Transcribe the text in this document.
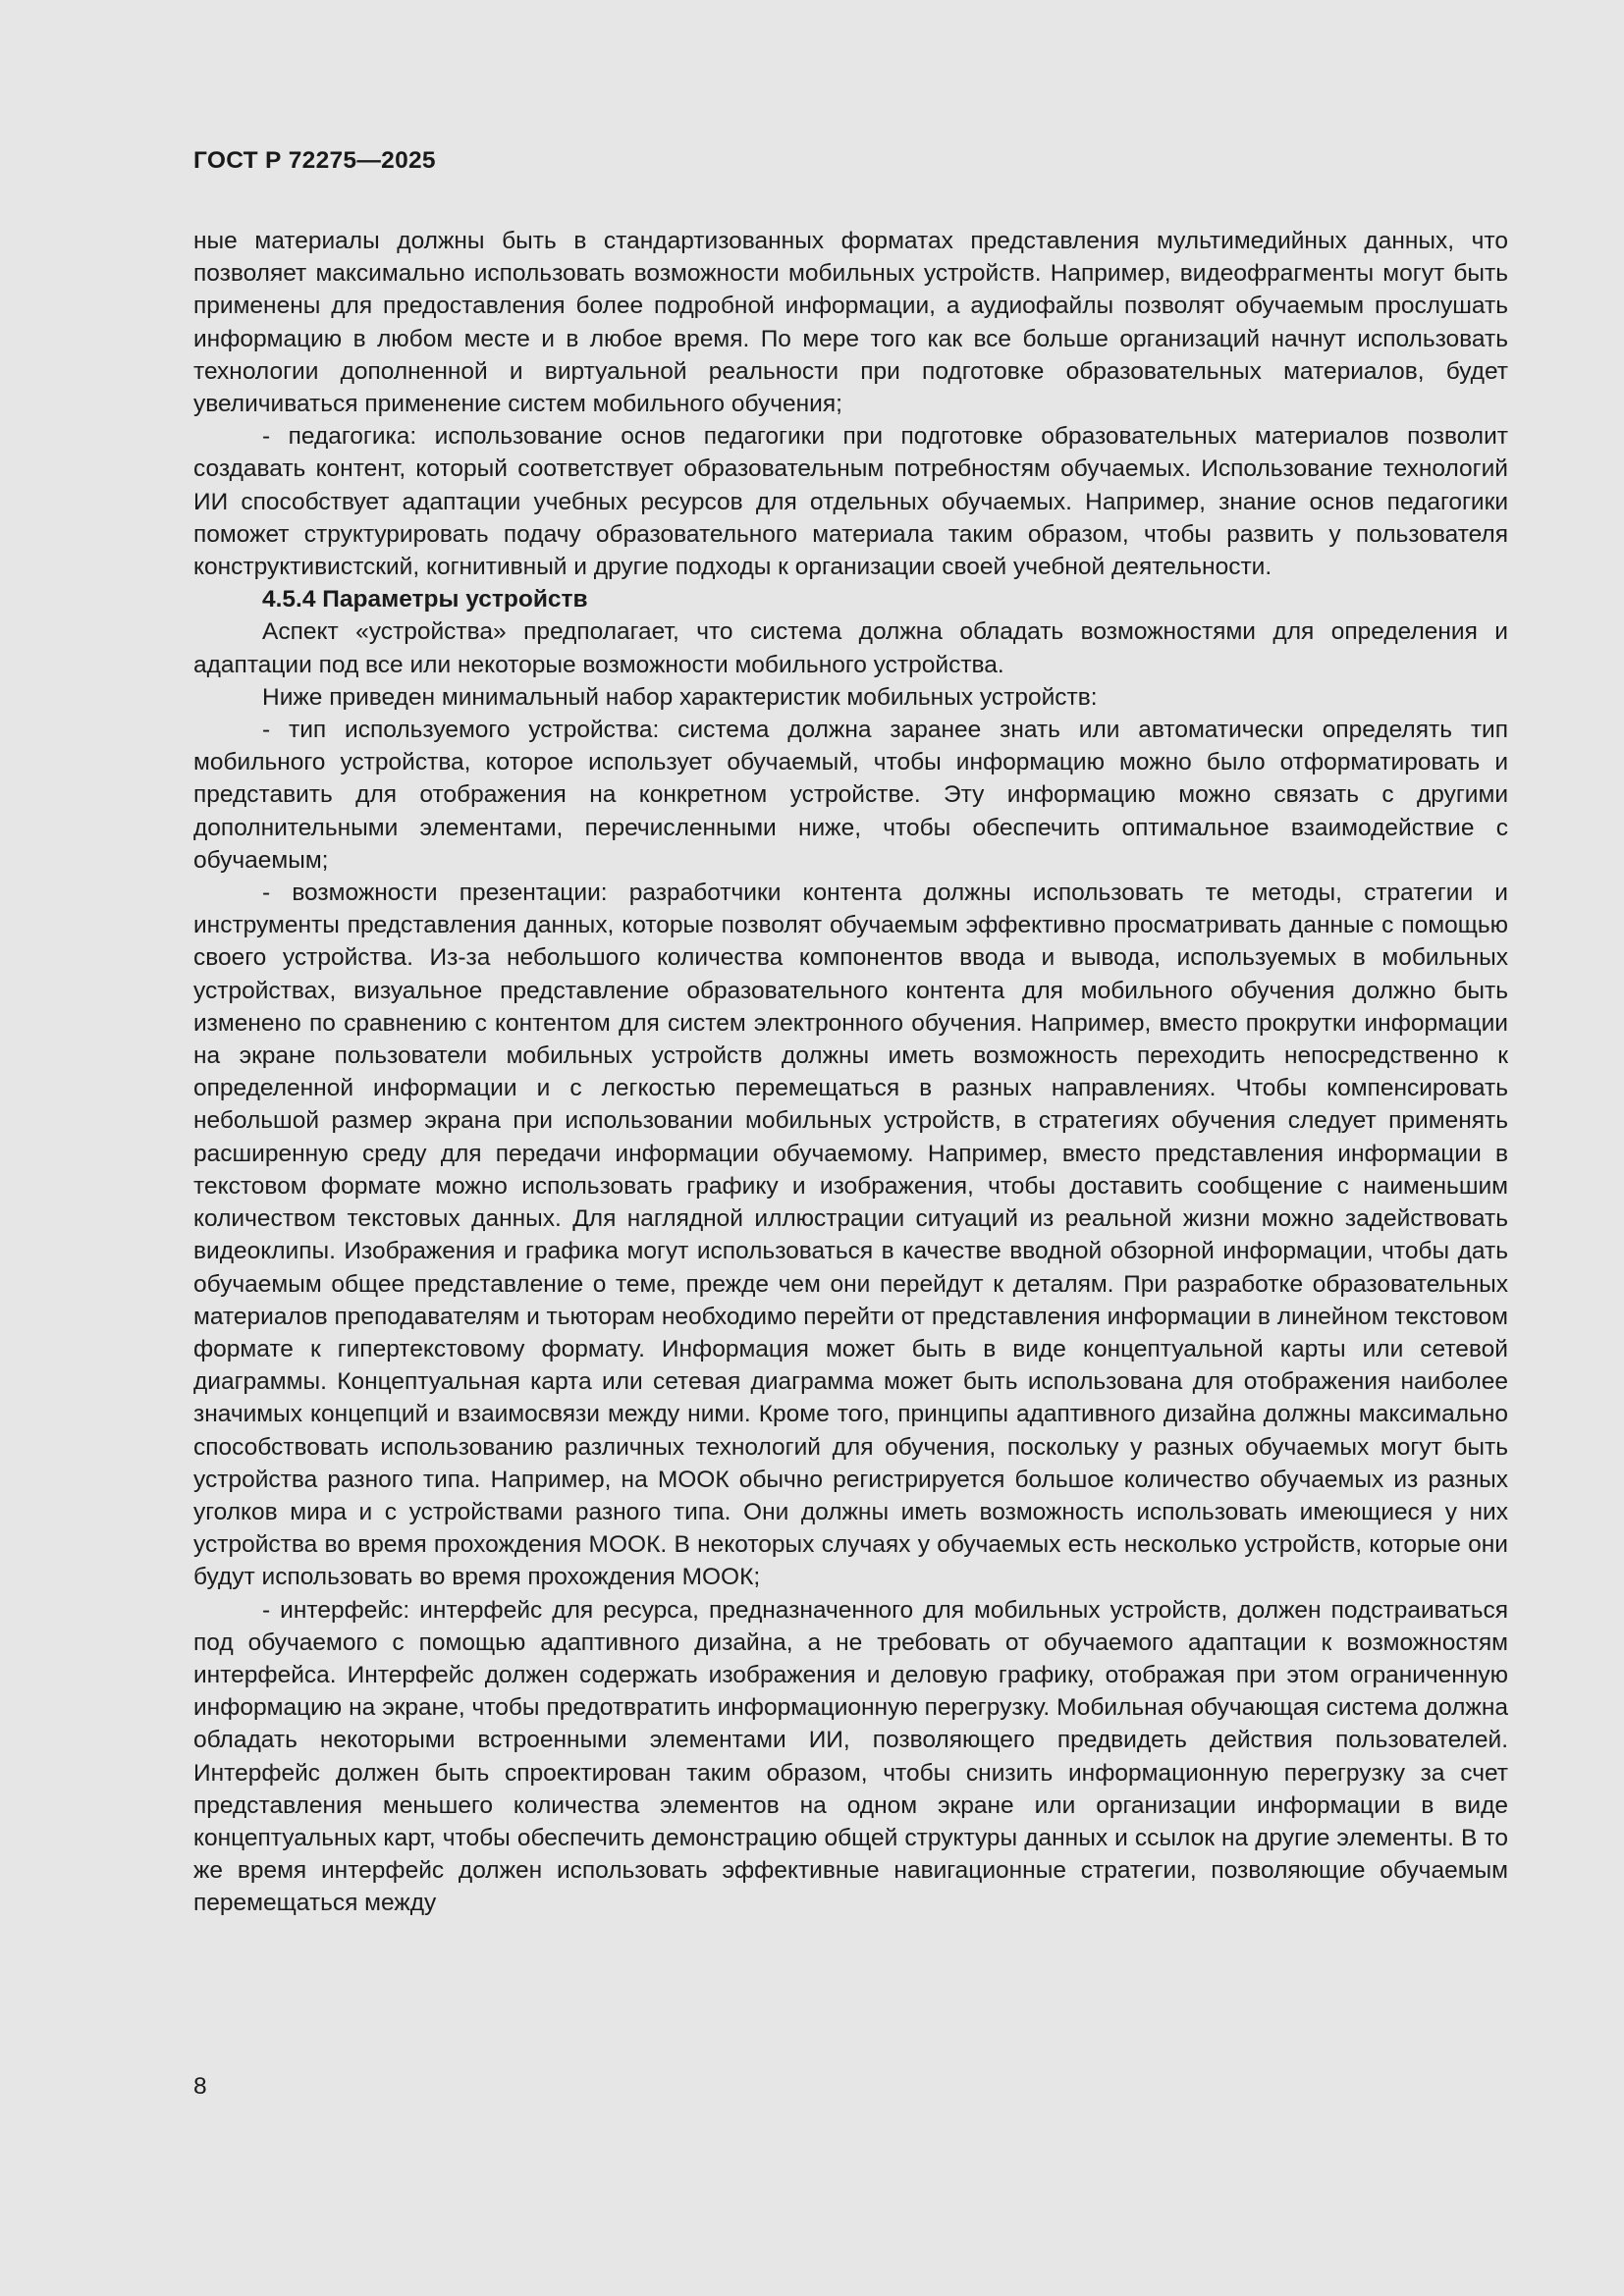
ГОСТ Р 72275—2025

ные материалы должны быть в стандартизованных форматах представления мультимедийных данных, что позволяет максимально использовать возможности мобильных устройств. Например, видеофрагменты могут быть применены для предоставления более подробной информации, а аудиофайлы позволят обучаемым прослушать информацию в любом месте и в любое время. По мере того как все больше организаций начнут использовать технологии дополненной и виртуальной реальности при подготовке образовательных материалов, будет увеличиваться применение систем мобильного обучения;

- педагогика: использование основ педагогики при подготовке образовательных материалов позволит создавать контент, который соответствует образовательным потребностям обучаемых. Использование технологий ИИ способствует адаптации учебных ресурсов для отдельных обучаемых. Например, знание основ педагогики поможет структурировать подачу образовательного материала таким образом, чтобы развить у пользователя конструктивистский, когнитивный и другие подходы к организации своей учебной деятельности.

4.5.4 Параметры устройств

Аспект «устройства» предполагает, что система должна обладать возможностями для определения и адаптации под все или некоторые возможности мобильного устройства.

Ниже приведен минимальный набор характеристик мобильных устройств:

- тип используемого устройства: система должна заранее знать или автоматически определять тип мобильного устройства, которое использует обучаемый, чтобы информацию можно было отформатировать и представить для отображения на конкретном устройстве. Эту информацию можно связать с другими дополнительными элементами, перечисленными ниже, чтобы обеспечить оптимальное взаимодействие с обучаемым;

- возможности презентации: разработчики контента должны использовать те методы, стратегии и инструменты представления данных, которые позволят обучаемым эффективно просматривать данные с помощью своего устройства. Из-за небольшого количества компонентов ввода и вывода, используемых в мобильных устройствах, визуальное представление образовательного контента для мобильного обучения должно быть изменено по сравнению с контентом для систем электронного обучения. Например, вместо прокрутки информации на экране пользователи мобильных устройств должны иметь возможность переходить непосредственно к определенной информации и с легкостью перемещаться в разных направлениях. Чтобы компенсировать небольшой размер экрана при использовании мобильных устройств, в стратегиях обучения следует применять расширенную среду для передачи информации обучаемому. Например, вместо представления информации в текстовом формате можно использовать графику и изображения, чтобы доставить сообщение с наименьшим количеством текстовых данных. Для наглядной иллюстрации ситуаций из реальной жизни можно задействовать видеоклипы. Изображения и графика могут использоваться в качестве вводной обзорной информации, чтобы дать обучаемым общее представление о теме, прежде чем они перейдут к деталям. При разработке образовательных материалов преподавателям и тьюторам необходимо перейти от представления информации в линейном текстовом формате к гипертекстовому формату. Информация может быть в виде концептуальной карты или сетевой диаграммы. Концептуальная карта или сетевая диаграмма может быть использована для отображения наиболее значимых концепций и взаимосвязи между ними. Кроме того, принципы адаптивного дизайна должны максимально способствовать использованию различных технологий для обучения, поскольку у разных обучаемых могут быть устройства разного типа. Например, на МООК обычно регистрируется большое количество обучаемых из разных уголков мира и с устройствами разного типа. Они должны иметь возможность использовать имеющиеся у них устройства во время прохождения МООК. В некоторых случаях у обучаемых есть несколько устройств, которые они будут использовать во время прохождения МООК;

- интерфейс: интерфейс для ресурса, предназначенного для мобильных устройств, должен подстраиваться под обучаемого с помощью адаптивного дизайна, а не требовать от обучаемого адаптации к возможностям интерфейса. Интерфейс должен содержать изображения и деловую графику, отображая при этом ограниченную информацию на экране, чтобы предотвратить информационную перегрузку. Мобильная обучающая система должна обладать некоторыми встроенными элементами ИИ, позволяющего предвидеть действия пользователей. Интерфейс должен быть спроектирован таким образом, чтобы снизить информационную перегрузку за счет представления меньшего количества элементов на одном экране или организации информации в виде концептуальных карт, чтобы обеспечить демонстрацию общей структуры данных и ссылок на другие элементы. В то же время интерфейс должен использовать эффективные навигационные стратегии, позволяющие обучаемым перемещаться между

8
